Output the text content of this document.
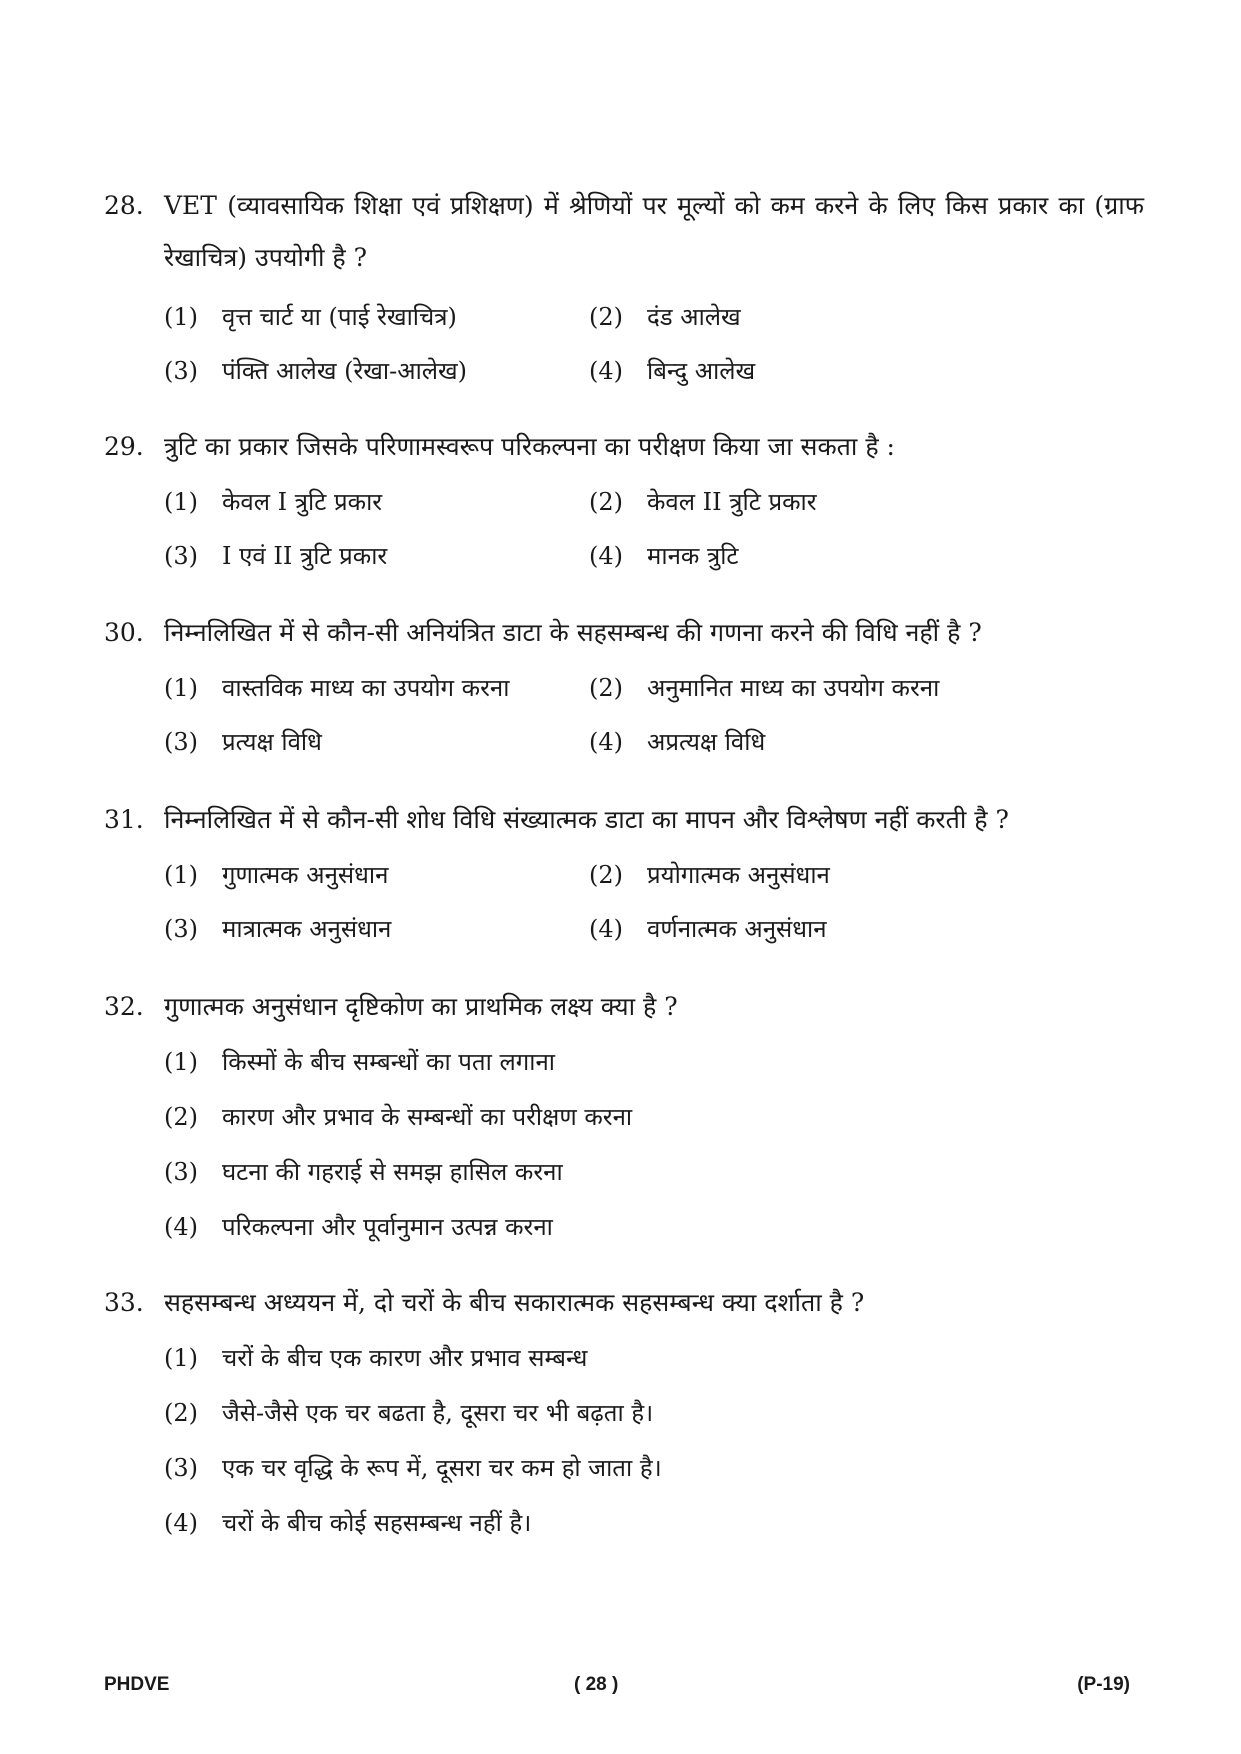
28. VET (व्यावसायिक शिक्षा एवं प्रशिक्षण) में श्रेणियों पर मूल्यों को कम करने के लिए किस प्रकार का (ग्राफ रेखाचित्र) उपयोगी है ?
(1)	वृत्त चार्ट या (पाई रेखाचित्र)	(2)	दंड आलेख
(3)	पंक्ति आलेख (रेखा-आलेख)	(4)	बिन्दु आलेख
29. त्रुटि का प्रकार जिसके परिणामस्वरूप परिकल्पना का परीक्षण किया जा सकता है :
(1)	केवल I त्रुटि प्रकार	(2)	केवल II त्रुटि प्रकार
(3)	I एवं II त्रुटि प्रकार	(4)	मानक त्रुटि
30. निम्नलिखित में से कौन-सी अनियंत्रित डाटा के सहसम्बन्ध की गणना करने की विधि नहीं है ?
(1)	वास्तविक माध्य का उपयोग करना	(2)	अनुमानित माध्य का उपयोग करना
(3)	प्रत्यक्ष विधि	(4)	अप्रत्यक्ष विधि
31. निम्नलिखित में से कौन-सी शोध विधि संख्यात्मक डाटा का मापन और विश्लेषण नहीं करती है ?
(1)	गुणात्मक अनुसंधान	(2)	प्रयोगात्मक अनुसंधान
(3)	मात्रात्मक अनुसंधान	(4)	वर्णनात्मक अनुसंधान
32. गुणात्मक अनुसंधान दृष्टिकोण का प्राथमिक लक्ष्य क्या है ?
(1)	किस्मों के बीच सम्बन्धों का पता लगाना
(2)	कारण और प्रभाव के सम्बन्धों का परीक्षण करना
(3)	घटना की गहराई से समझ हासिल करना
(4)	परिकल्पना और पूर्वानुमान उत्पन्न करना
33. सहसम्बन्ध अध्ययन में, दो चरों के बीच सकारात्मक सहसम्बन्ध क्या दर्शाता है ?
(1)	चरों के बीच एक कारण और प्रभाव सम्बन्ध
(2)	जैसे-जैसे एक चर बढता है, दूसरा चर भी बढ़ता है।
(3)	एक चर वृद्धि के रूप में, दूसरा चर कम हो जाता है।
(4)	चरों के बीच कोई सहसम्बन्ध नहीं है।
PHDVE	( 28 )	(P-19)
